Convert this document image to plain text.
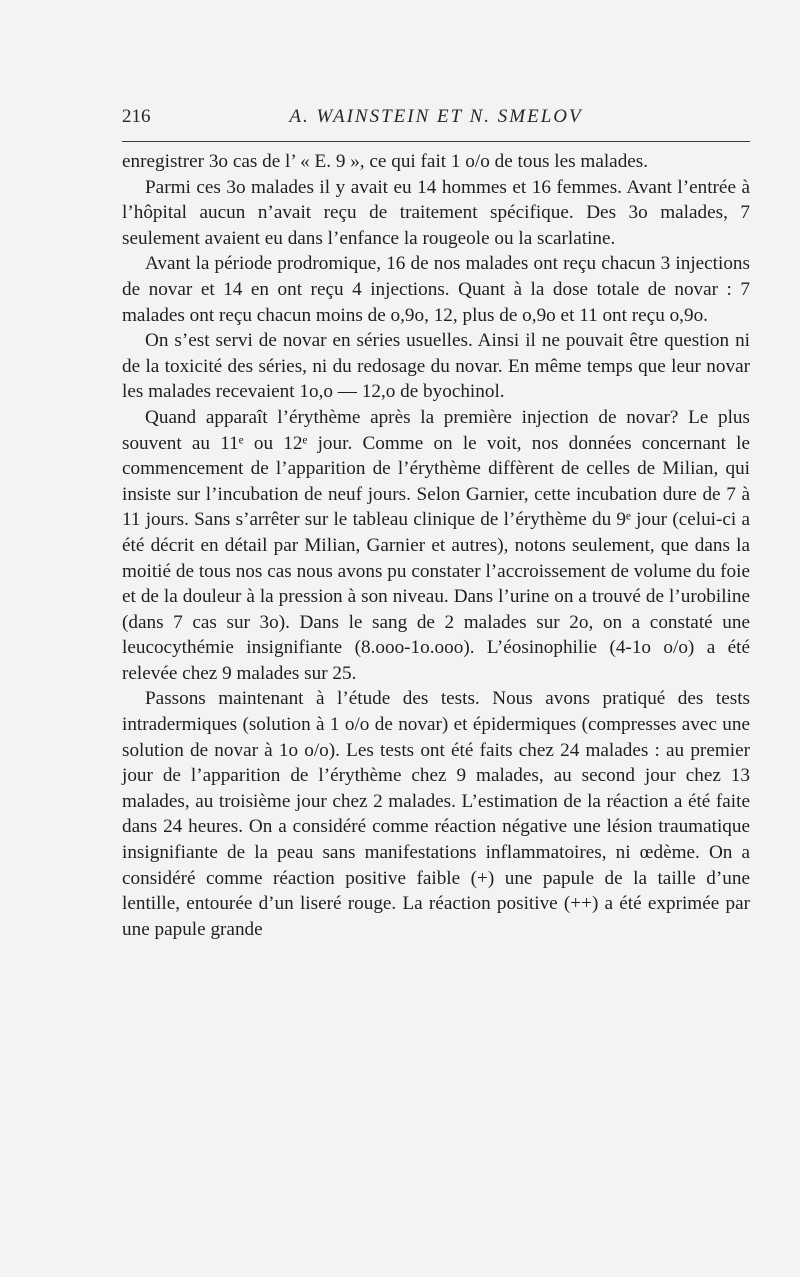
216	A. WAINSTEIN ET N. SMELOV

enregistrer 3o cas de l’ « E. 9 », ce qui fait 1 o/o de tous les malades.

Parmi ces 3o malades il y avait eu 14 hommes et 16 femmes. Avant l’entrée à l’hôpital aucun n’avait reçu de traitement spécifique. Des 3o malades, 7 seulement avaient eu dans l’enfance la rougeole ou la scarlatine.

Avant la période prodromique, 16 de nos malades ont reçu chacun 3 injections de novar et 14 en ont reçu 4 injections. Quant à la dose totale de novar : 7 malades ont reçu chacun moins de o,9o, 12, plus de o,9o et 11 ont reçu o,9o.

On s’est servi de novar en séries usuelles. Ainsi il ne pouvait être question ni de la toxicité des séries, ni du redosage du novar. En même temps que leur novar les malades recevaient 1o,o — 12,o de byochinol.

Quand apparaît l’érythème après la première injection de novar? Le plus souvent au 11ᵉ ou 12ᵉ jour. Comme on le voit, nos données concernant le commencement de l’apparition de l’érythème diffèrent de celles de Milian, qui insiste sur l’incubation de neuf jours. Selon Garnier, cette incubation dure de 7 à 11 jours. Sans s’arrêter sur le tableau clinique de l’érythème du 9ᵉ jour (celui-ci a été décrit en détail par Milian, Garnier et autres), notons seulement, que dans la moitié de tous nos cas nous avons pu constater l’accroissement de volume du foie et de la douleur à la pression à son niveau. Dans l’urine on a trouvé de l’urobiline (dans 7 cas sur 3o). Dans le sang de 2 malades sur 2o, on a constaté une leucocythémie insignifiante (8.ooo-1o.ooo). L’éosinophilie (4-1o o/o) a été relevée chez 9 malades sur 25.

Passons maintenant à l’étude des tests. Nous avons pratiqué des tests intradermiques (solution à 1 o/o de novar) et épidermiques (compresses avec une solution de novar à 1o o/o). Les tests ont été faits chez 24 malades : au premier jour de l’apparition de l’érythème chez 9 malades, au second jour chez 13 malades, au troisième jour chez 2 malades. L’estimation de la réaction a été faite dans 24 heures. On a considéré comme réaction négative une lésion traumatique insignifiante de la peau sans manifestations inflammatoires, ni œdème. On a considéré comme réaction positive faible (+) une papule de la taille d’une lentille, entourée d’un liseré rouge. La réaction positive (++) a été exprimée par une papule grande
